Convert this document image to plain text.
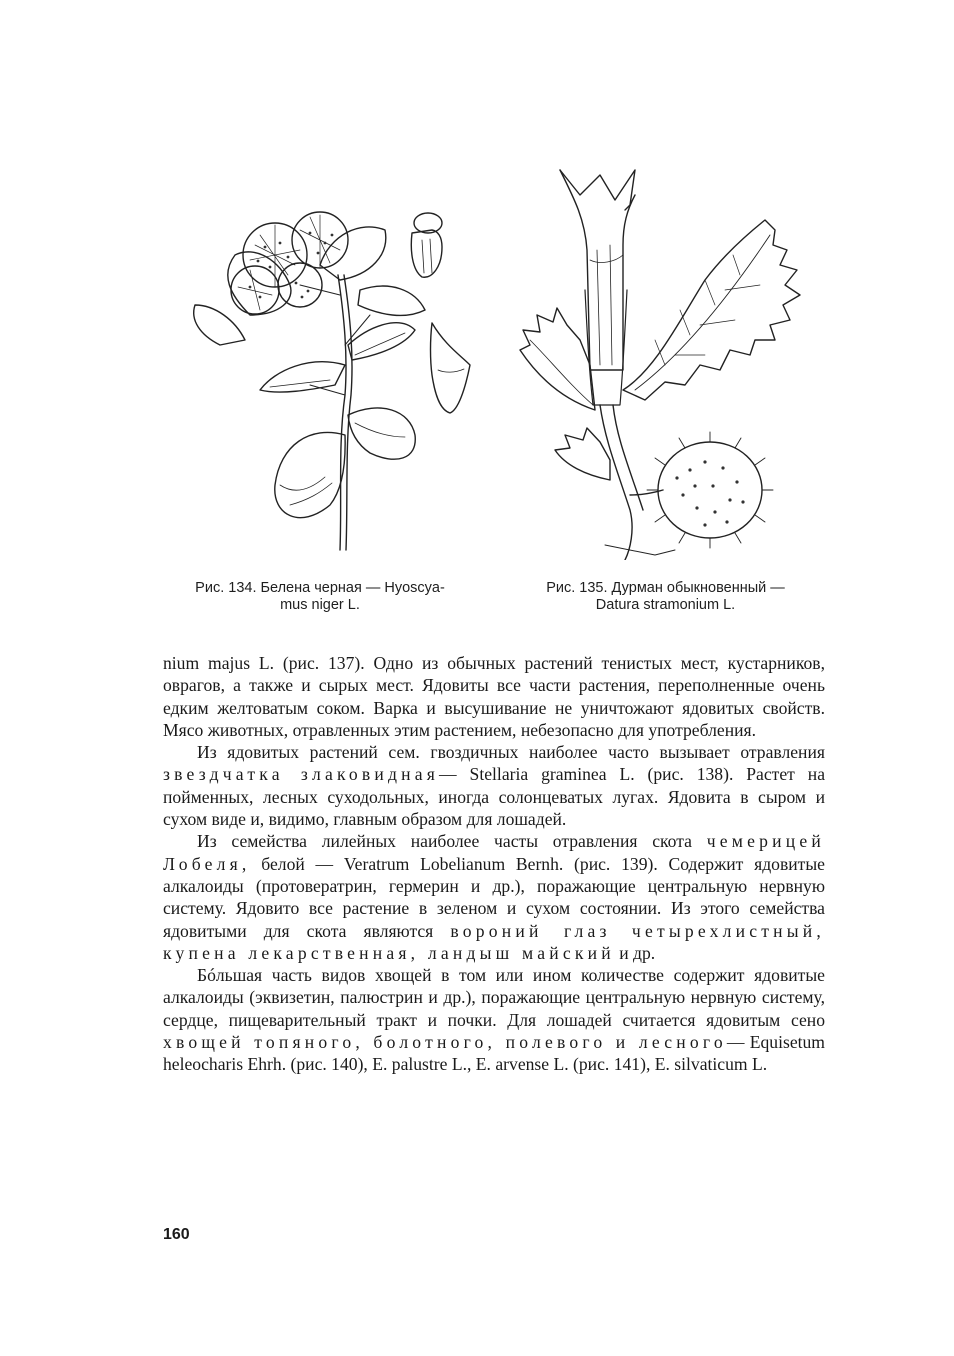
Рис. 134. Белена черная — Hyoscya-
mus niger L.
Рис. 135. Дурман обыкновенный —
Datura stramonium L.

nium majus L. (рис. 137). Одно из обычных растений тенистых мест, кустарников, оврагов, а также и сырых мест. Ядовиты все части растения, переполненные очень едким желтоватым соком. Варка и высушивание не уничтожают ядовитых свойств. Мясо животных, отравленных этим растением, небезопасно для употребления.

Из ядовитых растений сем. гвоздичных наиболее часто вызывает отравления звездчатка злаковидная— Stellaria graminea L. (рис. 138). Растет на пойменных, лесных суходольных, иногда солонцеватых лугах. Ядовита в сыром и сухом виде и, видимо, главным образом для лошадей.

Из семейства лилейных наиболее часты отравления скота чемерицей Лобеля, белой — Veratrum Lobelianum Bernh. (рис. 139). Содержит ядовитые алкалоиды (протовератрин, гермерин и др.), поражающие центральную нервную систему. Ядовито все растение в зеленом и сухом состоянии. Из этого семейства ядовитыми для скота являются вороний глаз четырехлистный, купена лекарственная, ландыш майский и др.

Бóльшая часть видов хвощей в том или ином количестве содержит ядовитые алкалоиды (эквизетин, палюстрин и др.), поражающие центральную нервную систему, сердце, пищеварительный тракт и почки. Для лошадей считается ядовитым сено хвощей топяного, болотного, полевого и лесного— Equisetum heleocharis Ehrh. (рис. 140), E. palustre L., E. arvense L. (рис. 141), E. silvaticum L.

160
